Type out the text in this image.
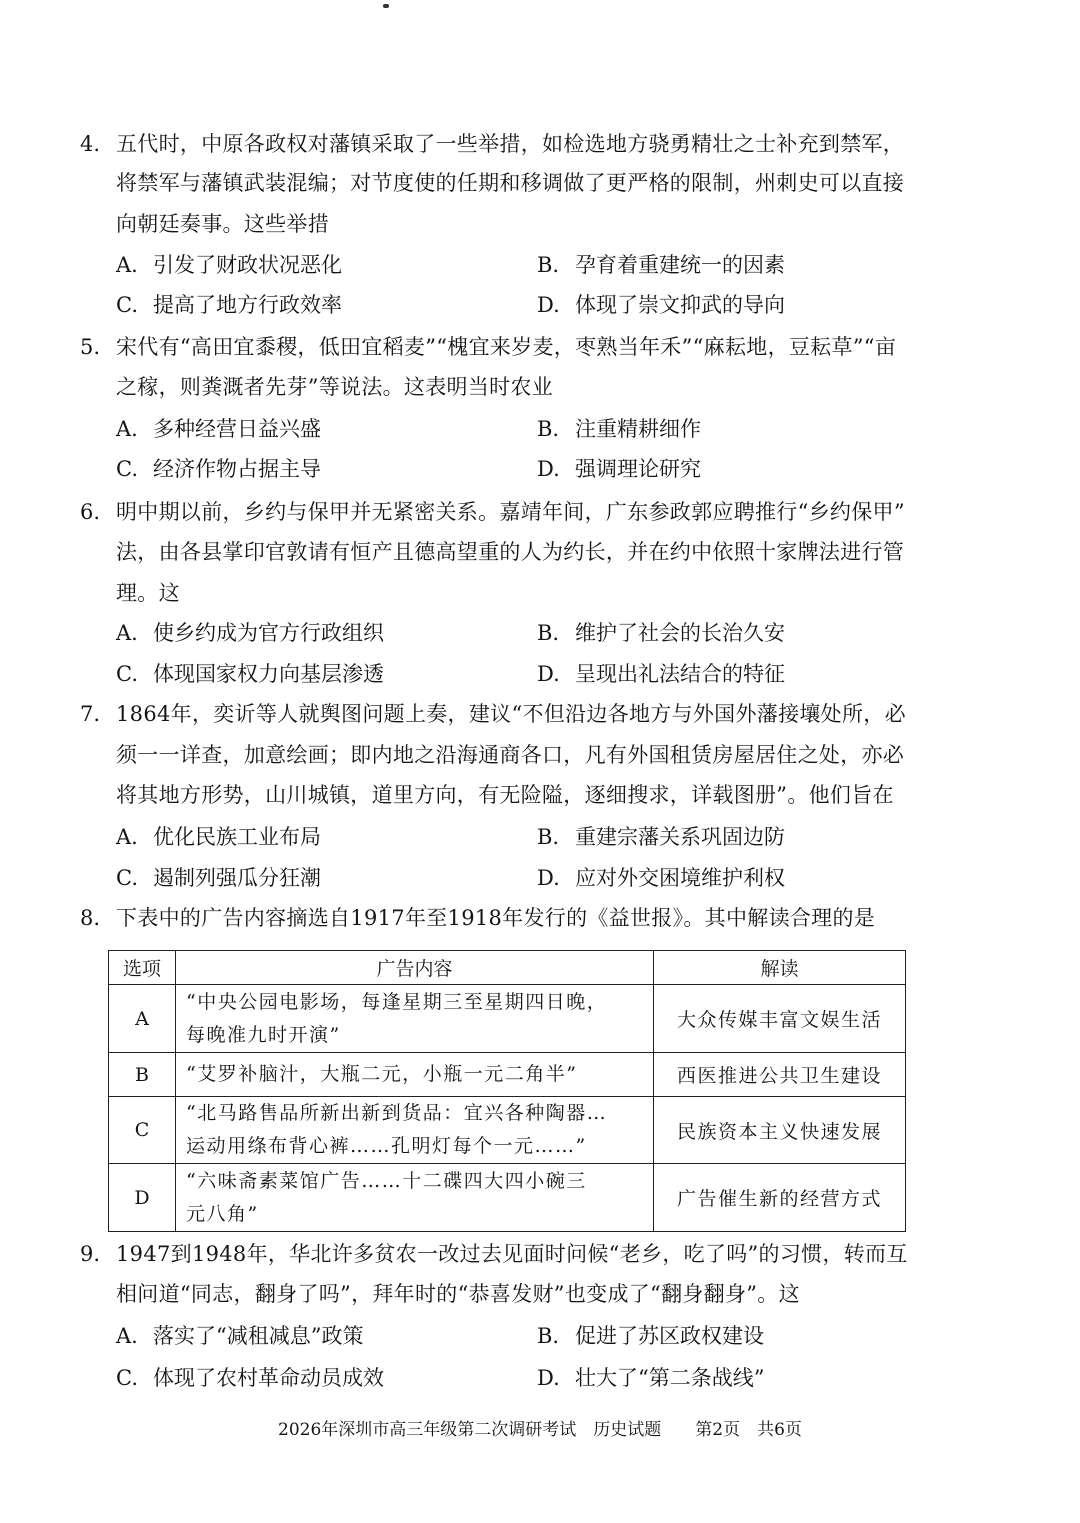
4. 五代时，中原各政权对藩镇采取了一些举措，如检选地方骁勇精壮之士补充到禁军，
将禁军与藩镇武装混编；对节度使的任期和移调做了更严格的限制，州刺史可以直接
向朝廷奏事。这些举措
A. 引发了财政状况恶化	B. 孕育着重建统一的因素
C. 提高了地方行政效率	D. 体现了崇文抑武的导向
5. 宋代有“高田宜黍稷，低田宜稻麦”“槐宜来岁麦，枣熟当年禾”“麻耘地，豆耘草”“亩
之稼，则粪溉者先芽”等说法。这表明当时农业
A. 多种经营日益兴盛	B. 注重精耕细作
C. 经济作物占据主导	D. 强调理论研究
6. 明中期以前，乡约与保甲并无紧密关系。嘉靖年间，广东参政郭应聘推行“乡约保甲”
法，由各县掌印官敦请有恒产且德高望重的人为约长，并在约中依照十家牌法进行管
理。这
A. 使乡约成为官方行政组织	B. 维护了社会的长治久安
C. 体现国家权力向基层渗透	D. 呈现出礼法结合的特征
7. 1864年，奕䜣等人就舆图问题上奏，建议“不但沿边各地方与外国外藩接壤处所，必
须一一详查，加意绘画；即内地之沿海通商各口，凡有外国租赁房屋居住之处，亦必
将其地方形势，山川城镇，道里方向，有无险隘，逐细搜求，详载图册”。他们旨在
A. 优化民族工业布局	B. 重建宗藩关系巩固边防
C. 遏制列强瓜分狂潮	D. 应对外交困境维护利权
8. 下表中的广告内容摘选自1917年至1918年发行的《益世报》。其中解读合理的是
选项	广告内容	解读
A	“中央公园电影场，每逢星期三至星期四日晚，
每晚准九时开演”	大众传媒丰富文娱生活
B	“艾罗补脑汁，大瓶二元，小瓶一元二角半”	西医推进公共卫生建设
C	“北马路售品所新出新到货品：宜兴各种陶器…
运动用绦布背心裤……孔明灯每个一元……”	民族资本主义快速发展
D	“六味斋素菜馆广告……十二碟四大四小碗三
元八角”	广告催生新的经营方式
9. 1947到1948年，华北许多贫农一改过去见面时问候“老乡，吃了吗”的习惯，转而互
相问道“同志，翻身了吗”，拜年时的“恭喜发财”也变成了“翻身翻身”。这
A. 落实了“减租减息”政策	B. 促进了苏区政权建设
C. 体现了农村革命动员成效	D. 壮大了“第二条战线”
2026年深圳市高三年级第二次调研考试　历史试题　　第2页　共6页
